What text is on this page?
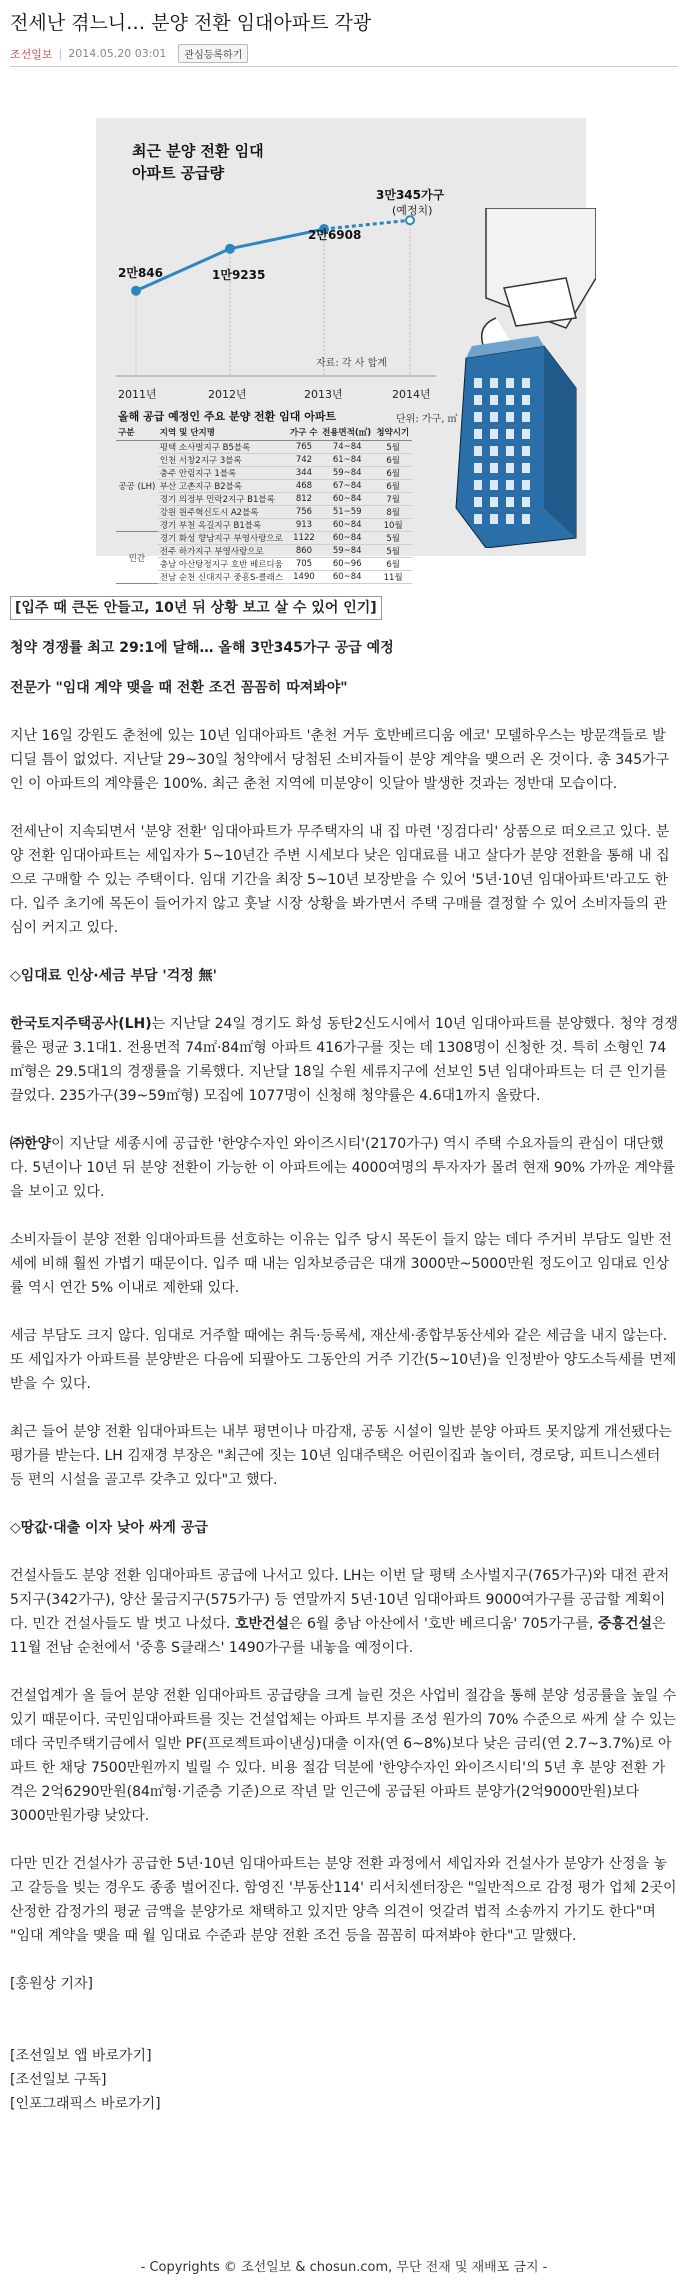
전세난 겪느니… 분양 전환 임대아파트 각광
조선일보 | 2014.05.20 03:01	관심등록하기
최근 분양 전환 임대
아파트 공급량
2만846	1만9235
2만6908
3만345가구
(예정치)
자료: 각 사 합계
2011년	2012년	2013년	2014년
올해 공급 예정인 주요 분양 전환 임대 아파트	단위: 가구, ㎡
구분	지역 및 단지명	가구 수	전용면적(㎡)	청약시기
공공 (LH)	평택 소사벌지구 B5블록	765	74~84	5월
	인천 서창2지구 3블록	742	61~84	6월
	충주 안림지구 1블록	344	59~84	6월
	부산 고촌지구 B2블록	468	67~84	6월
	경기 의정부 민락2지구 B1블록	812	60~84	7월
	강원 원주혁신도시 A2블록	756	51~59	8월
	경기 부천 옥길지구 B1블록	913	60~84	10월
민간	경기 화성 향남지구 부영사랑으로	1122	60~84	5월
	전주 하가지구 부영사랑으로	860	59~84	5월
	충남 아산탕정지구 호반 베르디움	705	60~96	6월
	전남 순천 신대지구 중흥S-클래스	1490	60~84	11월

[입주 때 큰돈 안들고, 10년 뒤 상황 보고 살 수 있어 인기]

청약 경쟁률 최고 29:1에 달해… 올해 3만345가구 공급 예정

전문가 "임대 계약 맺을 때 전환 조건 꼼꼼히 따져봐야"

지난 16일 강원도 춘천에 있는 10년 임대아파트 '춘천 거두 호반베르디움 에코' 모델하우스는 방문객들로 발 디딜 틈이 없었다. 지난달 29~30일 청약에서 당첨된 소비자들이 분양 계약을 맺으러 온 것이다. 총 345가구인 이 아파트의 계약률은 100%. 최근 춘천 지역에 미분양이 잇달아 발생한 것과는 정반대 모습이다.

전세난이 지속되면서 '분양 전환' 임대아파트가 무주택자의 내 집 마련 '징검다리' 상품으로 떠오르고 있다. 분양 전환 임대아파트는 세입자가 5~10년간 주변 시세보다 낮은 임대료를 내고 살다가 분양 전환을 통해 내 집으로 구매할 수 있는 주택이다. 임대 기간을 최장 5~10년 보장받을 수 있어 '5년·10년 임대아파트'라고도 한다. 입주 초기에 목돈이 들어가지 않고 훗날 시장 상황을 봐가면서 주택 구매를 결정할 수 있어 소비자들의 관심이 커지고 있다.

◇임대료 인상·세금 부담 '걱정 無'

한국토지주택공사(LH)는 지난달 24일 경기도 화성 동탄2신도시에서 10년 임대아파트를 분양했다. 청약 경쟁률은 평균 3.1대1. 전용면적 74㎡·84㎡형 아파트 416가구를 짓는 데 1308명이 신청한 것. 특히 소형인 74㎡형은 29.5대1의 경쟁률을 기록했다. 지난달 18일 수원 세류지구에 선보인 5년 임대아파트는 더 큰 인기를 끌었다. 235가구(39~59㎡형) 모집에 1077명이 신청해 청약률은 4.6대1까지 올랐다.

㈜한양이 지난달 세종시에 공급한 '한양수자인 와이즈시티'(2170가구) 역시 주택 수요자들의 관심이 대단했다. 5년이나 10년 뒤 분양 전환이 가능한 이 아파트에는 4000여명의 투자자가 몰려 현재 90% 가까운 계약률을 보이고 있다.

소비자들이 분양 전환 임대아파트를 선호하는 이유는 입주 당시 목돈이 들지 않는 데다 주거비 부담도 일반 전세에 비해 훨씬 가볍기 때문이다. 입주 때 내는 임차보증금은 대개 3000만~5000만원 정도이고 임대료 인상률 역시 연간 5% 이내로 제한돼 있다.

세금 부담도 크지 않다. 임대로 거주할 때에는 취득·등록세, 재산세·종합부동산세와 같은 세금을 내지 않는다. 또 세입자가 아파트를 분양받은 다음에 되팔아도 그동안의 거주 기간(5~10년)을 인정받아 양도소득세를 면제받을 수 있다.

최근 들어 분양 전환 임대아파트는 내부 평면이나 마감재, 공동 시설이 일반 분양 아파트 못지않게 개선됐다는 평가를 받는다. LH 김재경 부장은 "최근에 짓는 10년 임대주택은 어린이집과 놀이터, 경로당, 피트니스센터 등 편의 시설을 골고루 갖추고 있다"고 했다.

◇땅값·대출 이자 낮아 싸게 공급

건설사들도 분양 전환 임대아파트 공급에 나서고 있다. LH는 이번 달 평택 소사벌지구(765가구)와 대전 관저5지구(342가구), 양산 물금지구(575가구) 등 연말까지 5년·10년 임대아파트 9000여가구를 공급할 계획이다. 민간 건설사들도 발 벗고 나섰다. 호반건설은 6월 충남 아산에서 '호반 베르디움' 705가구를, 중흥건설은 11월 전남 순천에서 '중흥 S클래스' 1490가구를 내놓을 예정이다.

건설업계가 올 들어 분양 전환 임대아파트 공급량을 크게 늘린 것은 사업비 절감을 통해 분양 성공률을 높일 수 있기 때문이다. 국민임대아파트를 짓는 건설업체는 아파트 부지를 조성 원가의 70% 수준으로 싸게 살 수 있는 데다 국민주택기금에서 일반 PF(프로젝트파이낸싱)대출 이자(연 6~8%)보다 낮은 금리(연 2.7~3.7%)로 아파트 한 채당 7500만원까지 빌릴 수 있다. 비용 절감 덕분에 '한양수자인 와이즈시티'의 5년 후 분양 전환 가격은 2억6290만원(84㎡형·기준층 기준)으로 작년 말 인근에 공급된 아파트 분양가(2억9000만원)보다 3000만원가량 낮았다.

다만 민간 건설사가 공급한 5년·10년 임대아파트는 분양 전환 과정에서 세입자와 건설사가 분양가 산정을 놓고 갈등을 빚는 경우도 종종 벌어진다. 함영진 '부동산114' 리서치센터장은 "일반적으로 감정 평가 업체 2곳이 산정한 감정가의 평균 금액을 분양가로 채택하고 있지만 양측 의견이 엇갈려 법적 소송까지 가기도 한다"며 "임대 계약을 맺을 때 월 임대료 수준과 분양 전환 조건 등을 꼼꼼히 따져봐야 한다"고 말했다.

[홍원상 기자]

[조선일보 앱 바로가기]
[조선일보 구독]
[인포그래픽스 바로가기]

- Copyrights © 조선일보 & chosun.com, 무단 전재 및 재배포 금지 -
